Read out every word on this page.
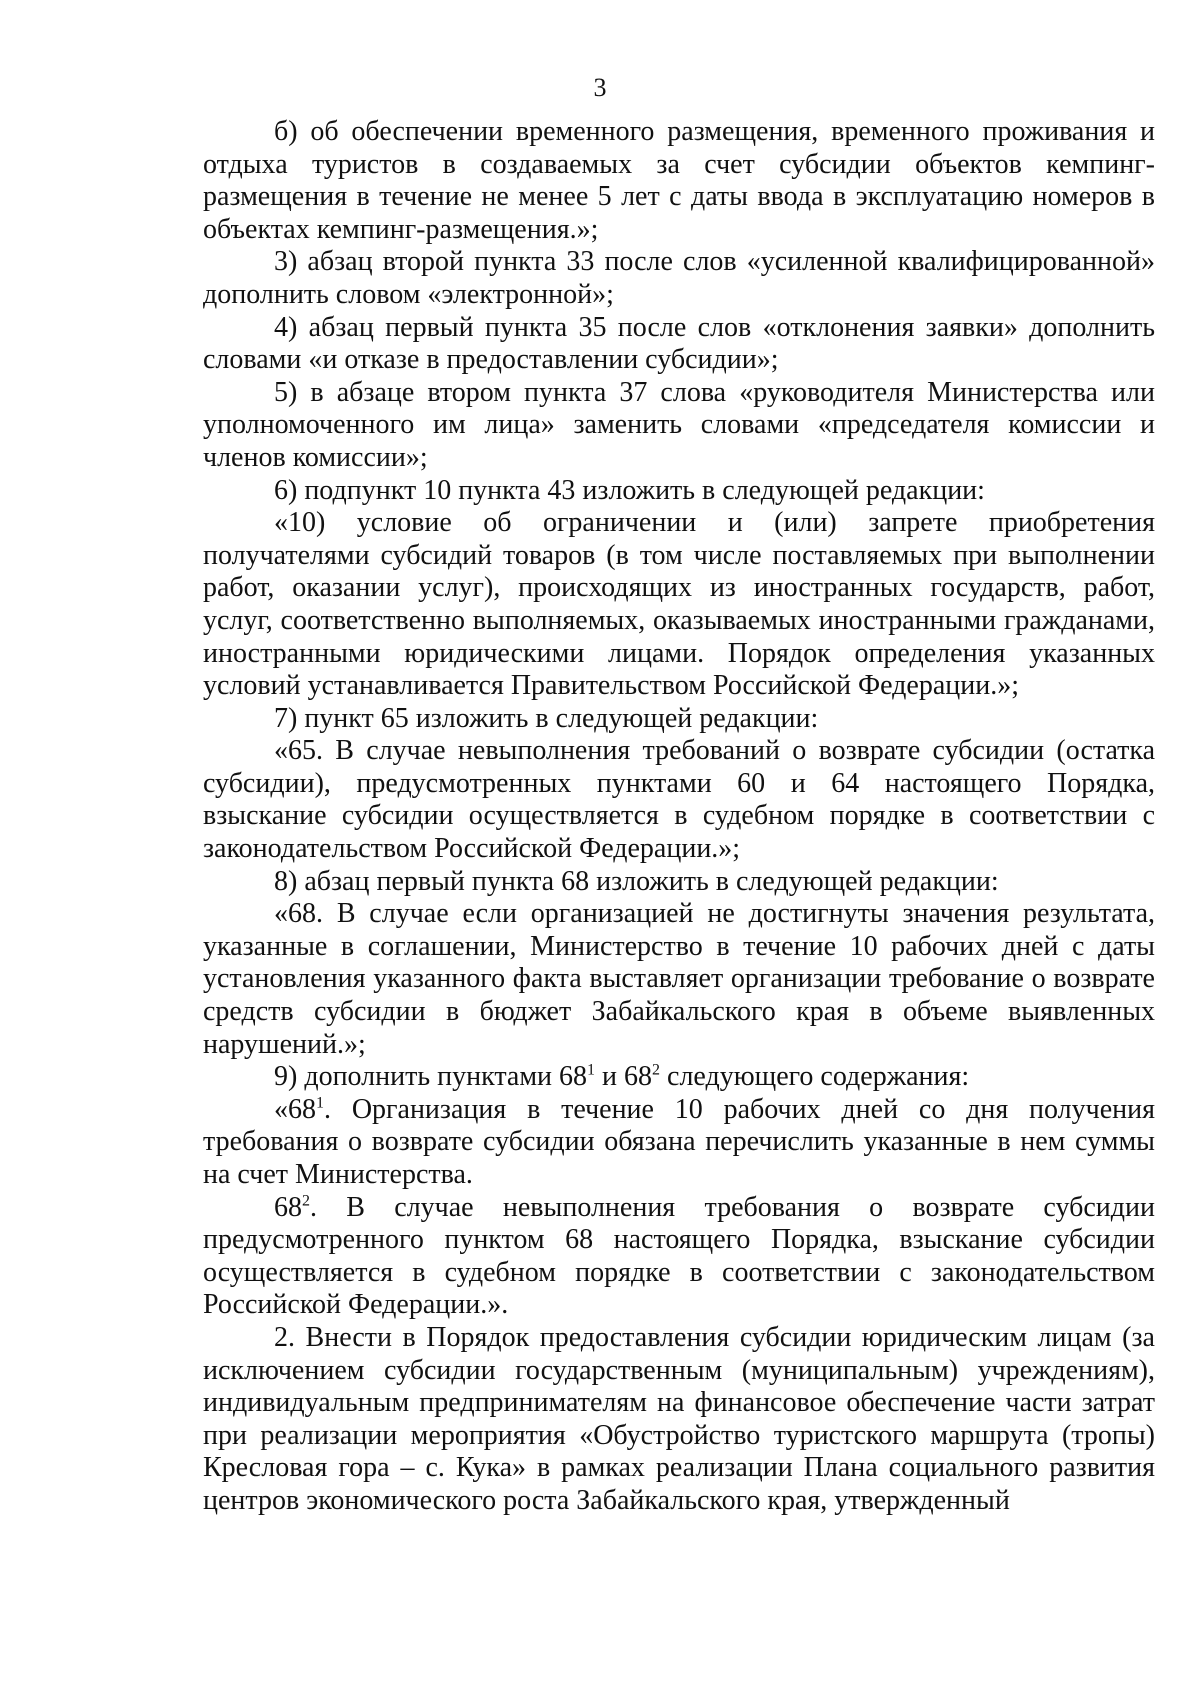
3

б) об обеспечении временного размещения, временного проживания и отдыха туристов в создаваемых за счет субсидии объектов кемпинг-размещения в течение не менее 5 лет с даты ввода в эксплуатацию номеров в объектах кемпинг-размещения.»;

3) абзац второй пункта 33 после слов «усиленной квалифицированной» дополнить словом «электронной»;

4) абзац первый пункта 35 после слов «отклонения заявки» дополнить словами «и отказе в предоставлении субсидии»;

5) в абзаце втором пункта 37 слова «руководителя Министерства или уполномоченного им лица» заменить словами «председателя комиссии и членов комиссии»;

6) подпункт 10 пункта 43 изложить в следующей редакции:

«10) условие об ограничении и (или) запрете приобретения получателями субсидий товаров (в том числе поставляемых при выполнении работ, оказании услуг), происходящих из иностранных государств, работ, услуг, соответственно выполняемых, оказываемых иностранными гражданами, иностранными юридическими лицами. Порядок определения указанных условий устанавливается Правительством Российской Федерации.»;

7) пункт 65 изложить в следующей редакции:

«65. В случае невыполнения требований о возврате субсидии (остатка субсидии), предусмотренных пунктами 60 и 64 настоящего Порядка, взыскание субсидии осуществляется в судебном порядке в соответствии с законодательством Российской Федерации.»;

8) абзац первый пункта 68 изложить в следующей редакции:

«68. В случае если организацией не достигнуты значения результата, указанные в соглашении, Министерство в течение 10 рабочих дней с даты установления указанного факта выставляет организации требование о возврате средств субсидии в бюджет Забайкальского края в объеме выявленных нарушений.»;

9) дополнить пунктами $68^1$ и $68^2$ следующего содержания:

«$68^1$. Организация в течение 10 рабочих дней со дня получения требования о возврате субсидии обязана перечислить указанные в нем суммы на счет Министерства.

$68^2$. В случае невыполнения требования о возврате субсидии предусмотренного пунктом 68 настоящего Порядка, взыскание субсидии осуществляется в судебном порядке в соответствии с законодательством Российской Федерации.».

2. Внести в Порядок предоставления субсидии юридическим лицам (за исключением субсидии государственным (муниципальным) учреждениям), индивидуальным предпринимателям на финансовое обеспечение части затрат при реализации мероприятия «Обустройство туристского маршрута (тропы) Кресловая гора – с. Кука» в рамках реализации Плана социального развития центров экономического роста Забайкальского края, утвержденный
